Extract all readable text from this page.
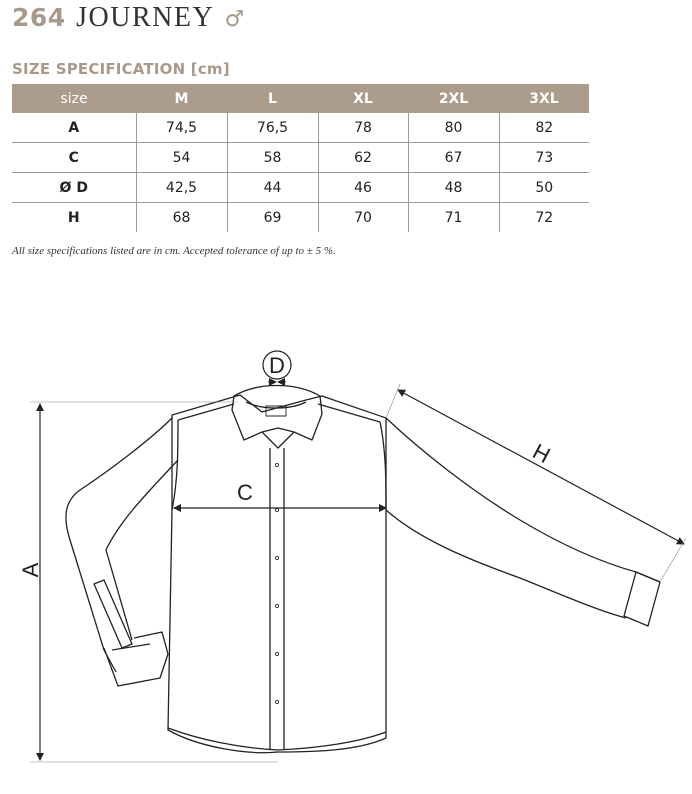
264 JOURNEY ♂
SIZE SPECIFICATION [cm]
size	M	L	XL	2XL	3XL
A	74,5	76,5	78	80	82
C	54	58	62	67	73
Ø D	42,5	44	46	48	50
H	68	69	70	71	72
All size specifications listed are in cm. Accepted tolerance of up to ± 5 %.
A
C
D
H
